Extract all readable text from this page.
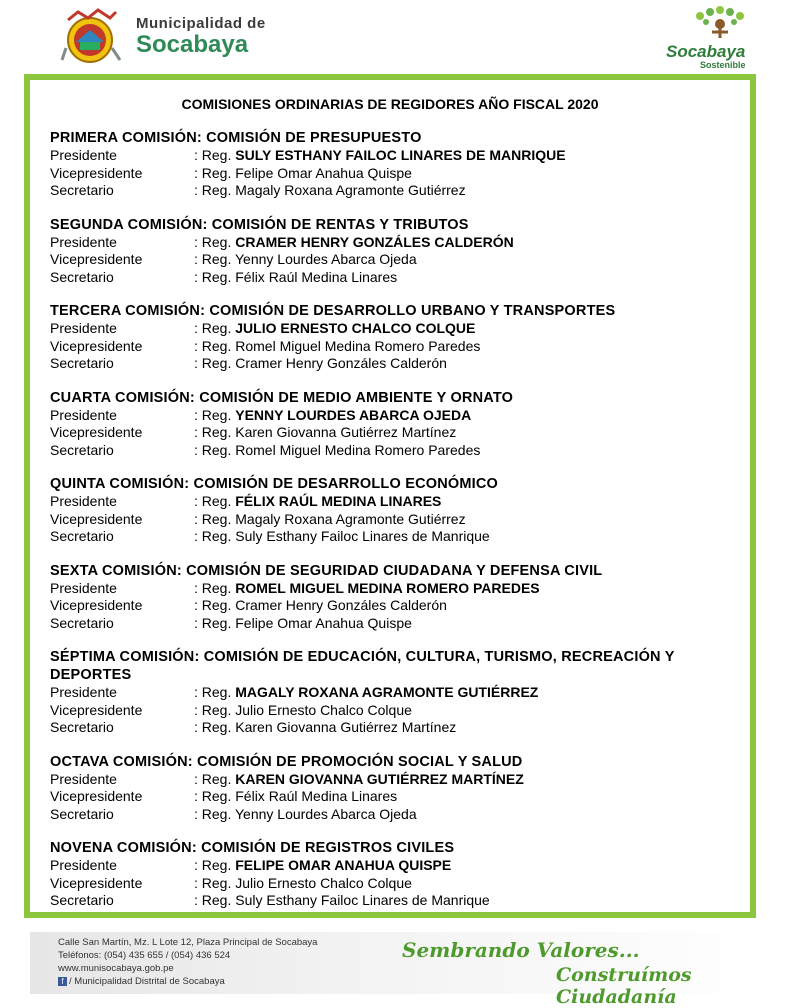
Municipalidad de
Socabaya	Socabaya
Sostenible
COMISIONES ORDINARIAS DE REGIDORES AÑO FISCAL 2020
PRIMERA COMISIÓN: COMISIÓN DE PRESUPUESTO
Presidente	: Reg. SULY ESTHANY FAILOC LINARES DE MANRIQUE
Vicepresidente	: Reg. Felipe Omar Anahua Quispe
Secretario	: Reg. Magaly Roxana Agramonte Gutiérrez
SEGUNDA COMISIÓN: COMISIÓN DE RENTAS Y TRIBUTOS
Presidente	: Reg. CRAMER HENRY GONZÁLES CALDERÓN
Vicepresidente	: Reg. Yenny Lourdes Abarca Ojeda
Secretario	: Reg. Félix Raúl Medina Linares
TERCERA COMISIÓN: COMISIÓN DE DESARROLLO URBANO Y TRANSPORTES
Presidente	: Reg. JULIO ERNESTO CHALCO COLQUE
Vicepresidente	: Reg. Romel Miguel Medina Romero Paredes
Secretario	: Reg. Cramer Henry Gonzáles Calderón
CUARTA COMISIÓN: COMISIÓN DE MEDIO AMBIENTE Y ORNATO
Presidente	: Reg. YENNY LOURDES ABARCA OJEDA
Vicepresidente	: Reg. Karen Giovanna Gutiérrez Martínez
Secretario	: Reg. Romel Miguel Medina Romero Paredes
QUINTA COMISIÓN: COMISIÓN DE DESARROLLO ECONÓMICO
Presidente	: Reg. FÉLIX RAÚL MEDINA LINARES
Vicepresidente	: Reg. Magaly Roxana Agramonte Gutiérrez
Secretario	: Reg. Suly Esthany Failoc Linares de Manrique
SEXTA COMISIÓN: COMISIÓN DE SEGURIDAD CIUDADANA Y DEFENSA CIVIL
Presidente	: Reg. ROMEL MIGUEL MEDINA ROMERO PAREDES
Vicepresidente	: Reg. Cramer Henry Gonzáles Calderón
Secretario	: Reg. Felipe Omar Anahua Quispe
SÉPTIMA COMISIÓN: COMISIÓN DE EDUCACIÓN, CULTURA, TURISMO, RECREACIÓN Y DEPORTES
Presidente	: Reg. MAGALY ROXANA AGRAMONTE GUTIÉRREZ
Vicepresidente	: Reg. Julio Ernesto Chalco Colque
Secretario	: Reg. Karen Giovanna Gutiérrez Martínez
OCTAVA COMISIÓN: COMISIÓN DE PROMOCIÓN SOCIAL Y SALUD
Presidente	: Reg. KAREN GIOVANNA GUTIÉRREZ MARTÍNEZ
Vicepresidente	: Reg. Félix Raúl Medina Linares
Secretario	: Reg. Yenny Lourdes Abarca Ojeda
NOVENA COMISIÓN: COMISIÓN DE REGISTROS CIVILES
Presidente	: Reg. FELIPE OMAR ANAHUA QUISPE
Vicepresidente	: Reg. Julio Ernesto Chalco Colque
Secretario	: Reg. Suly Esthany Failoc Linares de Manrique
Calle San Martín, Mz. L Lote 12, Plaza Principal de Socabaya
Teléfonos: (054) 435 655 / (054) 436 524
www.munisocabaya.gob.pe
f / Municipalidad Distrital de Socabaya
Sembrando Valores...
Construímos Ciudadanía
